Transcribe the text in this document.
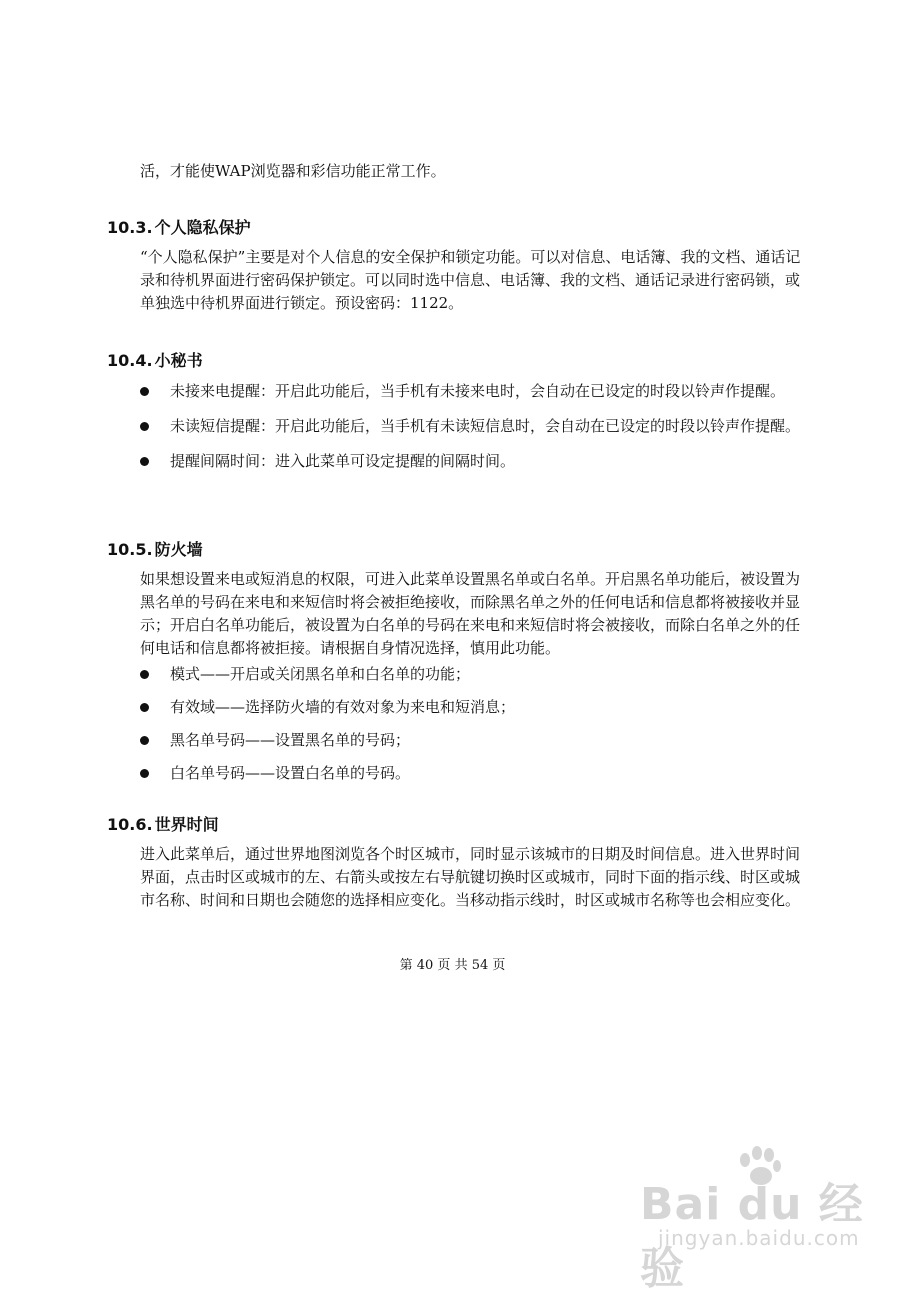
活，才能使WAP浏览器和彩信功能正常工作。

10.3. 个人隐私保护

“个人隐私保护”主要是对个人信息的安全保护和锁定功能。可以对信息、电话簿、我的文档、通话记录和待机界面进行密码保护锁定。可以同时选中信息、电话簿、我的文档、通话记录进行密码锁，或单独选中待机界面进行锁定。预设密码：1122。

10.4. 小秘书
未接来电提醒：开启此功能后，当手机有未接来电时，会自动在已设定的时段以铃声作提醒。
未读短信提醒：开启此功能后，当手机有未读短信息时，会自动在已设定的时段以铃声作提醒。
提醒间隔时间：进入此菜单可设定提醒的间隔时间。
10.5. 防火墙

如果想设置来电或短消息的权限，可进入此菜单设置黑名单或白名单。开启黑名单功能后，被设置为黑名单的号码在来电和来短信时将会被拒绝接收，而除黑名单之外的任何电话和信息都将被接收并显示；开启白名单功能后，被设置为白名单的号码在来电和来短信时将会被接收，而除白名单之外的任何电话和信息都将被拒接。请根据自身情况选择，慎用此功能。

模式——开启或关闭黑名单和白名单的功能；
有效域——选择防火墙的有效对象为来电和短消息；
黑名单号码——设置黑名单的号码；
白名单号码——设置白名单的号码。
10.6. 世界时间

进入此菜单后，通过世界地图浏览各个时区城市，同时显示该城市的日期及时间信息。进入世界时间界面，点击时区或城市的左、右箭头或按左右导航键切换时区或城市，同时下面的指示线、时区或城市名称、时间和日期也会随您的选择相应变化。当移动指示线时，时区或城市名称等也会相应变化。

第 40 页 共 54 页
Bai du 经验
jingyan.baidu.com
